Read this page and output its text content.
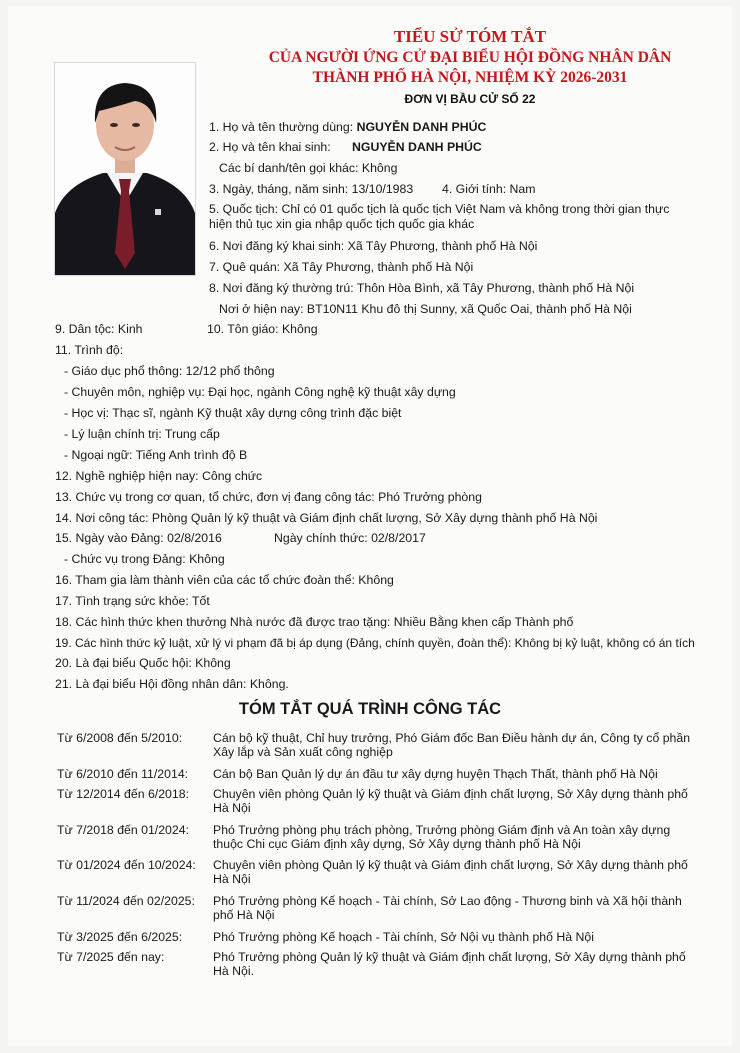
TIỂU SỬ TÓM TẮT
CỦA NGƯỜI ỨNG CỬ ĐẠI BIỂU HỘI ĐỒNG NHÂN DÂN
THÀNH PHỐ HÀ NỘI, NHIỆM KỲ 2026-2031
ĐƠN VỊ BẦU CỬ SỐ 22
1. Họ và tên thường dùng: NGUYỄN DANH PHÚC
2. Họ và tên khai sinh: NGUYỄN DANH PHÚC
Các bí danh/tên gọi khác: Không
3. Ngày, tháng, năm sinh: 13/10/1983 4. Giới tính: Nam
5. Quốc tịch: Chỉ có 01 quốc tịch là quốc tịch Việt Nam và không trong thời gian thực hiện thủ tục xin gia nhập quốc tịch quốc gia khác
6. Nơi đăng ký khai sinh: Xã Tây Phương, thành phố Hà Nội
7. Quê quán: Xã Tây Phương, thành phố Hà Nội
8. Nơi đăng ký thường trú: Thôn Hòa Bình, xã Tây Phương, thành phố Hà Nội
Nơi ở hiện nay: BT10N11 Khu đô thị Sunny, xã Quốc Oai, thành phố Hà Nội
9. Dân tộc: Kinh	10. Tôn giáo: Không
11. Trình độ:
- Giáo dục phổ thông: 12/12 phổ thông
- Chuyên môn, nghiệp vụ: Đại học, ngành Công nghệ kỹ thuật xây dựng
- Học vị: Thạc sĩ, ngành Kỹ thuật xây dựng công trình đặc biệt
- Lý luận chính trị: Trung cấp
- Ngoại ngữ: Tiếng Anh trình độ B
12. Nghề nghiệp hiện nay: Công chức
13. Chức vụ trong cơ quan, tổ chức, đơn vị đang công tác: Phó Trưởng phòng
14. Nơi công tác: Phòng Quản lý kỹ thuật và Giám định chất lượng, Sở Xây dựng thành phố Hà Nội
15. Ngày vào Đảng: 02/8/2016	Ngày chính thức: 02/8/2017
- Chức vụ trong Đảng: Không
16. Tham gia làm thành viên của các tổ chức đoàn thể: Không
17. Tình trạng sức khỏe: Tốt
18. Các hình thức khen thưởng Nhà nước đã được trao tặng: Nhiều Bằng khen cấp Thành phố
19. Các hình thức kỷ luật, xử lý vi phạm đã bị áp dụng (Đảng, chính quyền, đoàn thể): Không bị kỷ luật, không có án tích
20. Là đại biểu Quốc hội: Không
21. Là đại biểu Hội đồng nhân dân: Không.
TÓM TẮT QUÁ TRÌNH CÔNG TÁC
Từ 6/2008 đến 5/2010:	Cán bộ kỹ thuật, Chỉ huy trưởng, Phó Giám đốc Ban Điều hành dự án, Công ty cổ phần Xây lắp và Sản xuất công nghiệp
Từ 6/2010 đến 11/2014: Cán bộ Ban Quản lý dự án đầu tư xây dựng huyện Thạch Thất, thành phố Hà Nội
Từ 12/2014 đến 6/2018: Chuyên viên phòng Quản lý kỹ thuật và Giám định chất lượng, Sở Xây dựng thành phố Hà Nội
Từ 7/2018 đến 01/2024: Phó Trưởng phòng phụ trách phòng, Trưởng phòng Giám định và An toàn xây dựng thuộc Chi cục Giám định xây dựng, Sở Xây dựng thành phố Hà Nội
Từ 01/2024 đến 10/2024: Chuyên viên phòng Quản lý kỹ thuật và Giám định chất lượng, Sở Xây dựng thành phố Hà Nội
Từ 11/2024 đến 02/2025: Phó Trưởng phòng Kế hoạch - Tài chính, Sở Lao động - Thương binh và Xã hội thành phố Hà Nội
Từ 3/2025 đến 6/2025:	Phó Trưởng phòng Kế hoạch - Tài chính, Sở Nội vụ thành phố Hà Nội
Từ 7/2025 đến nay:	Phó Trưởng phòng Quản lý kỹ thuật và Giám định chất lượng, Sở Xây dựng thành phố Hà Nội.
